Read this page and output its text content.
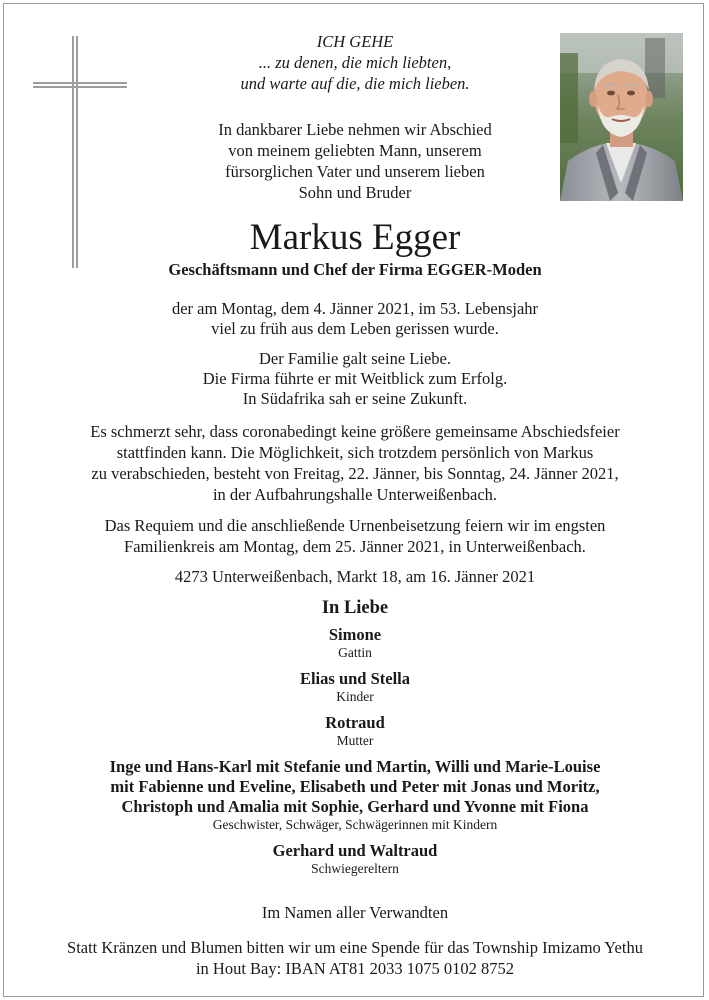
ICH GEHE
... zu denen, die mich liebten,
und warte auf die, die mich lieben.
In dankbarer Liebe nehmen wir Abschied
von meinem geliebten Mann, unserem
fürsorglichen Vater und unserem lieben
Sohn und Bruder
Markus Egger
Geschäftsmann und Chef der Firma EGGER-Moden
der am Montag, dem 4. Jänner 2021, im 53. Lebensjahr
viel zu früh aus dem Leben gerissen wurde.
Der Familie galt seine Liebe.
Die Firma führte er mit Weitblick zum Erfolg.
In Südafrika sah er seine Zukunft.
Es schmerzt sehr, dass coronabedingt keine größere gemeinsame Abschiedsfeier
stattfinden kann. Die Möglichkeit, sich trotzdem persönlich von Markus
zu verabschieden, besteht von Freitag, 22. Jänner, bis Sonntag, 24. Jänner 2021,
in der Aufbahrungshalle Unterweißenbach.
Das Requiem und die anschließende Urnenbeisetzung feiern wir im engsten
Familienkreis am Montag, dem 25. Jänner 2021, in Unterweißenbach.
4273 Unterweißenbach, Markt 18, am 16. Jänner 2021
In Liebe
Simone
Gattin
Elias und Stella
Kinder
Rotraud
Mutter
Inge und Hans-Karl mit Stefanie und Martin, Willi und Marie-Louise
mit Fabienne und Eveline, Elisabeth und Peter mit Jonas und Moritz,
Christoph und Amalia mit Sophie, Gerhard und Yvonne mit Fiona
Geschwister, Schwäger, Schwägerinnen mit Kindern
Gerhard und Waltraud
Schwiegereltern
Im Namen aller Verwandten
Statt Kränzen und Blumen bitten wir um eine Spende für das Township Imizamo Yethu
in Hout Bay: IBAN AT81 2033 1075 0102 8752
